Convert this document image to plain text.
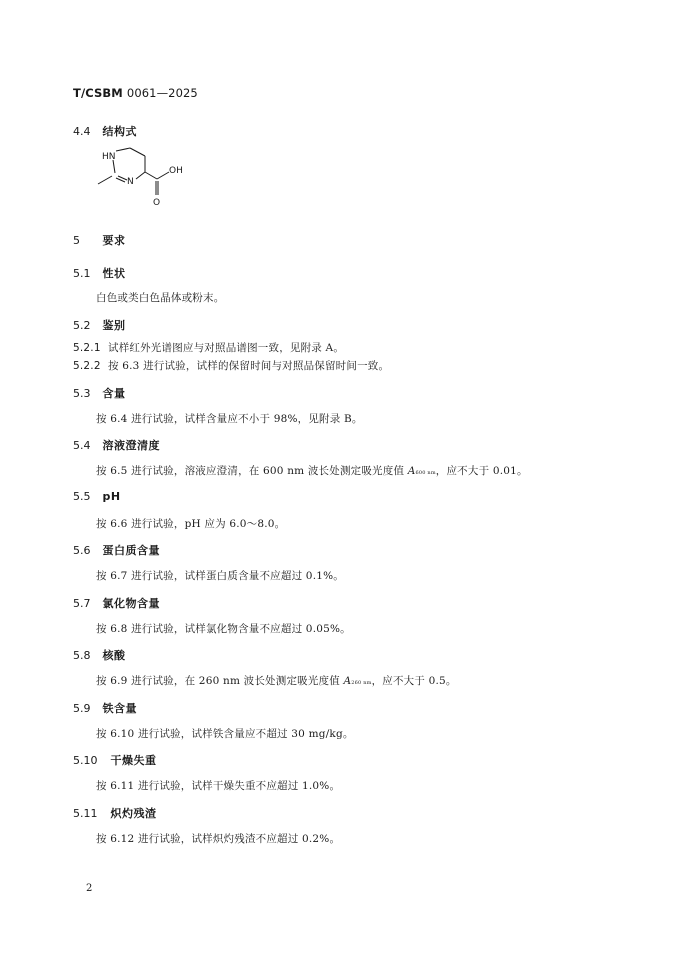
T/CSBM 0061—2025
4.4 结构式
HN
N
OH
O
5 要求
5.1 性状
白色或类白色晶体或粉末。
5.2 鉴别
5.2.1 试样红外光谱图应与对照品谱图一致，见附录 A。
5.2.2 按 6.3 进行试验，试样的保留时间与对照品保留时间一致。
5.3 含量
按 6.4 进行试验，试样含量应不小于 98%，见附录 B。
5.4 溶液澄清度
按 6.5 进行试验，溶液应澄清，在 600 nm 波长处测定吸光度值 A600 nm，应不大于 0.01。
5.5 pH
按 6.6 进行试验，pH 应为 6.0～8.0。
5.6 蛋白质含量
按 6.7 进行试验，试样蛋白质含量不应超过 0.1%。
5.7 氯化物含量
按 6.8 进行试验，试样氯化物含量不应超过 0.05%。
5.8 核酸
按 6.9 进行试验，在 260 nm 波长处测定吸光度值 A260 nm，应不大于 0.5。
5.9 铁含量
按 6.10 进行试验，试样铁含量应不超过 30 mg/kg。
5.10 干燥失重
按 6.11 进行试验，试样干燥失重不应超过 1.0%。
5.11 炽灼残渣
按 6.12 进行试验，试样炽灼残渣不应超过 0.2%。
2
